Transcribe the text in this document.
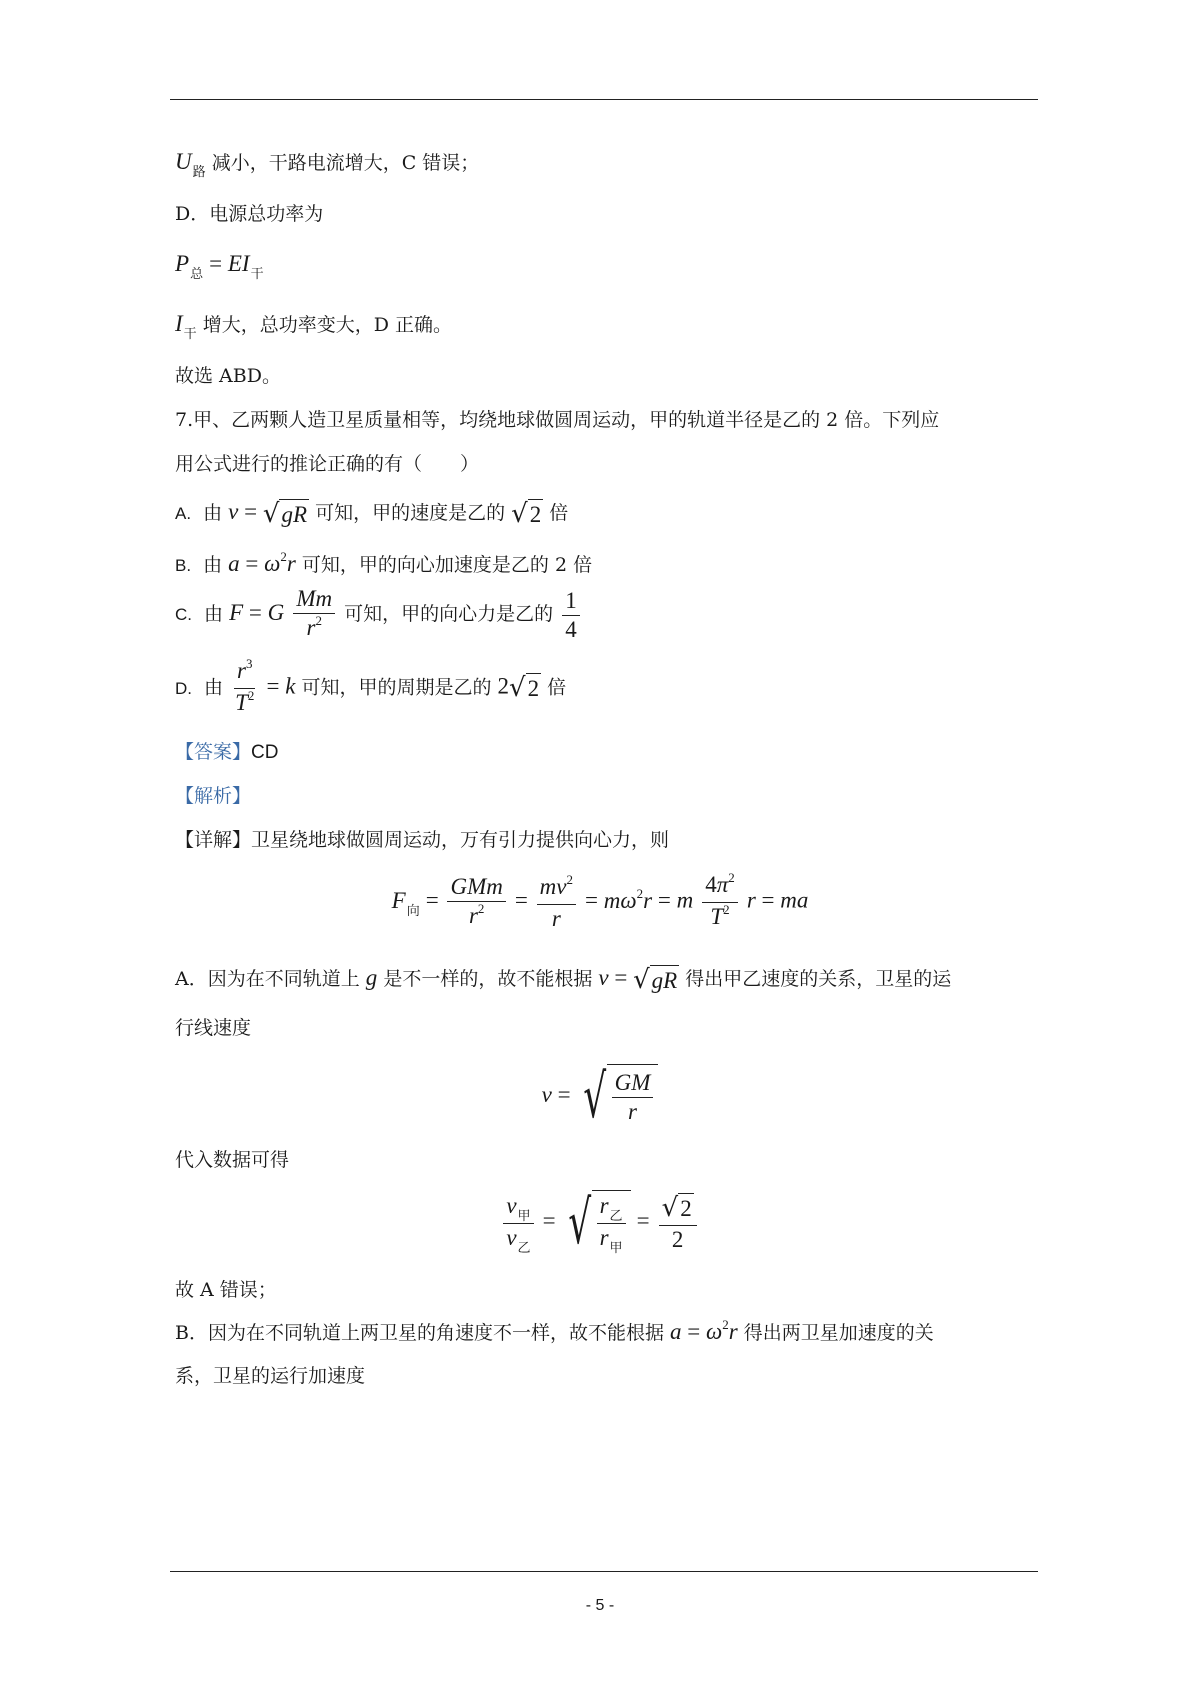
$U_路$ 减小，干路电流增大，C 错误；
D．电源总功率为
$P_总 = EI_干$
$I_干$ 增大，总功率变大，D 正确。
故选 ABD。
7.甲、乙两颗人造卫星质量相等，均绕地球做圆周运动，甲的轨道半径是乙的 2 倍。下列应
用公式进行的推论正确的有（　　）
A. 由 v = √ gR 可知，甲的速度是乙的 √ 2 倍
B. 由 $a = \omega^2r$ 可知，甲的向心加速度是乙的 2 倍
C. 由 F = G $\frac{Mm}{r^2}$ 可知，甲的向心力是乙的 $\frac{1}{4}$
D. 由 $\frac{r^3}{T^2} = k$ 可知，甲的周期是乙的 2 √ 2 倍
【答案】CD
【解析】
【详解】卫星绕地球做圆周运动，万有引力提供向心力，则
$F_向 = \frac{\text{GMm}}{r^2} = \frac{mv^2}{r} = m\omega^2r = m \frac{4\pi^2}{T^2}$ r = ma
A．因为在不同轨道上 g 是不一样的，故不能根据 v = √ gR 得出甲乙速度的关系，卫星的运
行线速度
v = √ $\frac{GM}{r}$
代入数据可得
$\frac{v_甲}{v_乙}$ = √ $\frac{r_乙}{r_甲} = \frac{√ 2}{2}$
故 A 错误；
B．因为在不同轨道上两卫星的角速度不一样，故不能根据 $a = \omega^2r$ 得出两卫星加速度的关
系，卫星的运行加速度
- 5 -
